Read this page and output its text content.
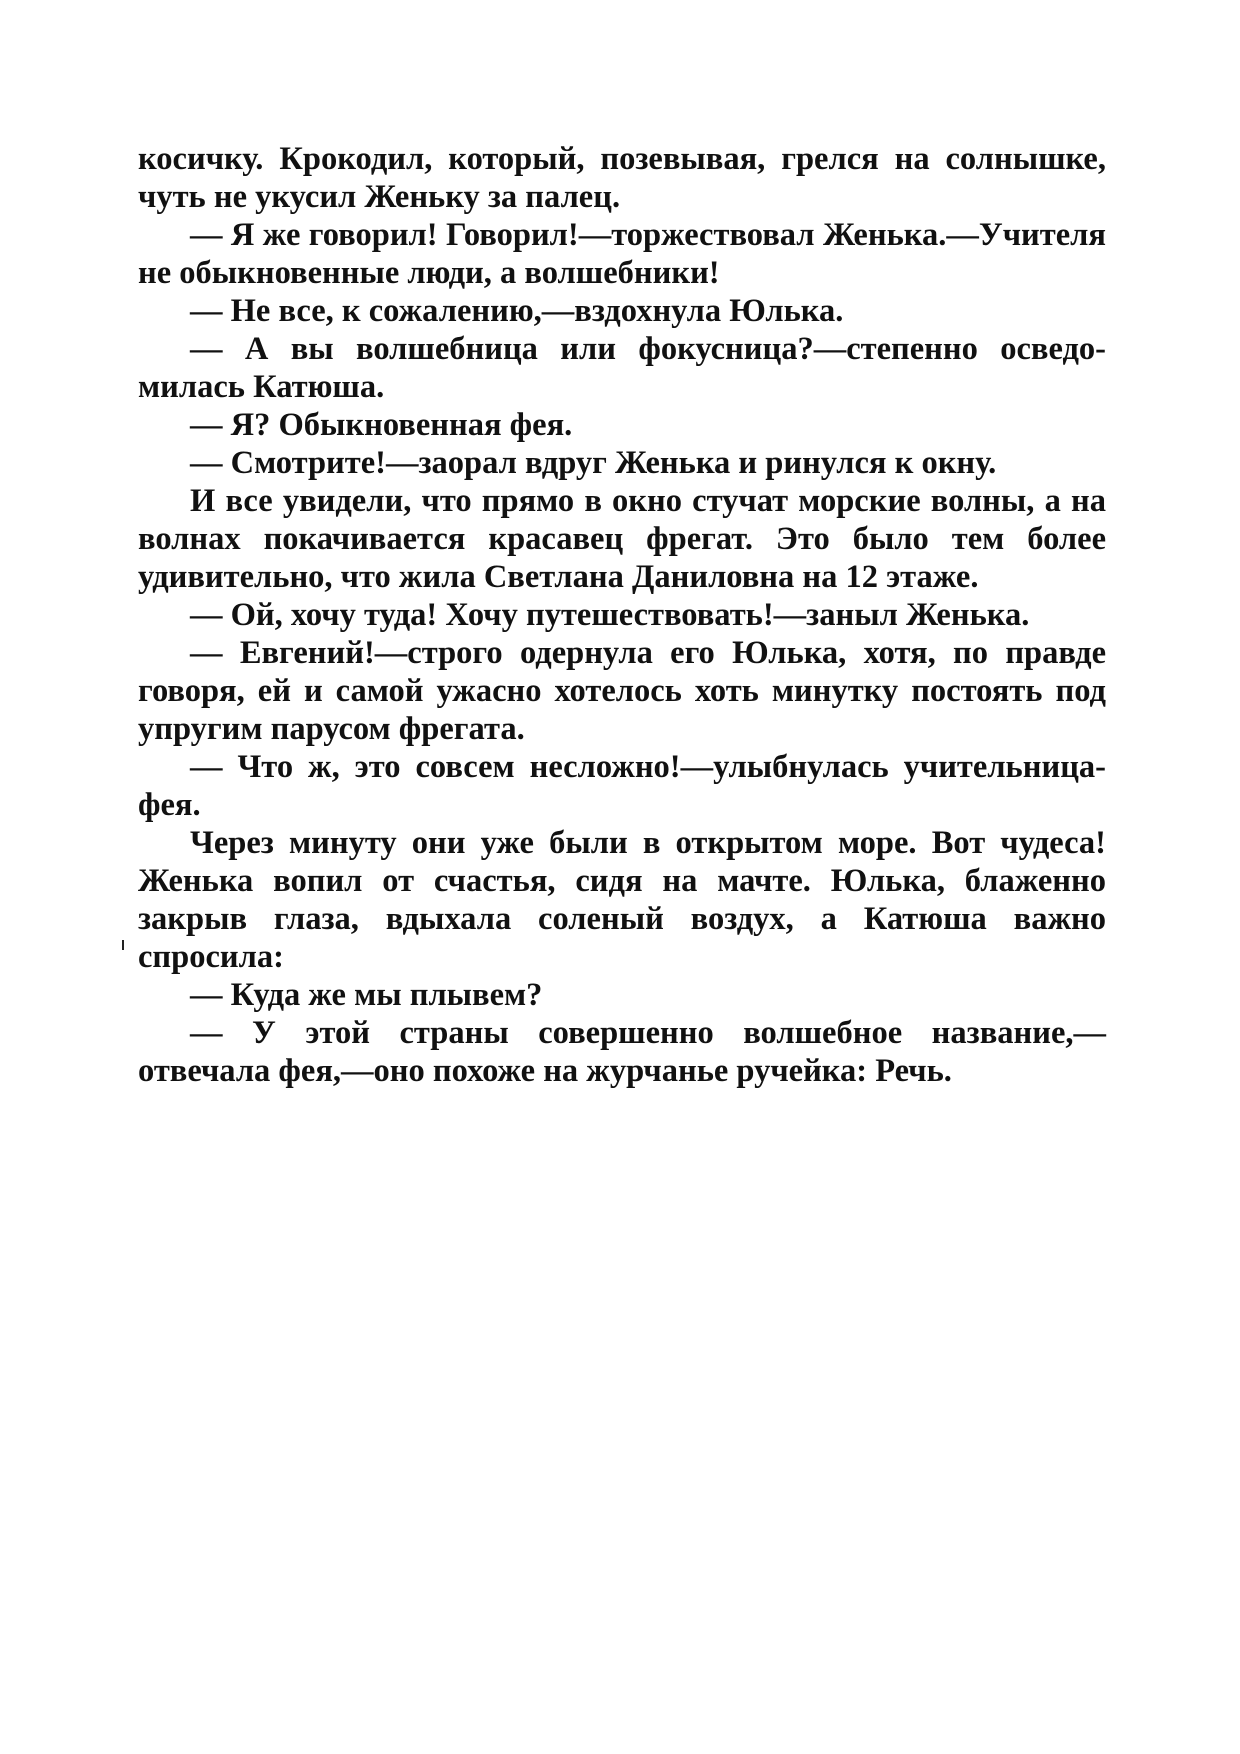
косичку. Крокодил, который, позевывая, грелся на солнышке, чуть не укусил Женьку за палец.

— Я же говорил! Говорил!—торжествовал Женька.—Учителя не обыкновенные люди, а волшебники!

— Не все, к сожалению,—вздохнула Юлька.

— А вы волшебница или фокусница?—степенно осведомилась Катюша.

— Я? Обыкновенная фея.

— Смотрите!—заорал вдруг Женька и ринулся к окну.

И все увидели, что прямо в окно стучат морские волны, а на волнах покачивается красавец фрегат. Это было тем более удивительно, что жила Светлана Даниловна на 12 этаже.

— Ой, хочу туда! Хочу путешествовать!—заныл Женька.

— Евгений!—строго одернула его Юлька, хотя, по правде говоря, ей и самой ужасно хотелось хоть минутку постоять под упругим парусом фрегата.

— Что ж, это совсем несложно!—улыбнулась учительница-фея.

Через минуту они уже были в открытом море. Вот чудеса! Женька вопил от счастья, сидя на мачте. Юлька, блаженно закрыв глаза, вдыхала соленый воздух, а Катюша важно спросила:

— Куда же мы плывем?

— У этой страны совершенно волшебное название,—отвечала фея,—оно похоже на журчанье ручейка: Речь.
